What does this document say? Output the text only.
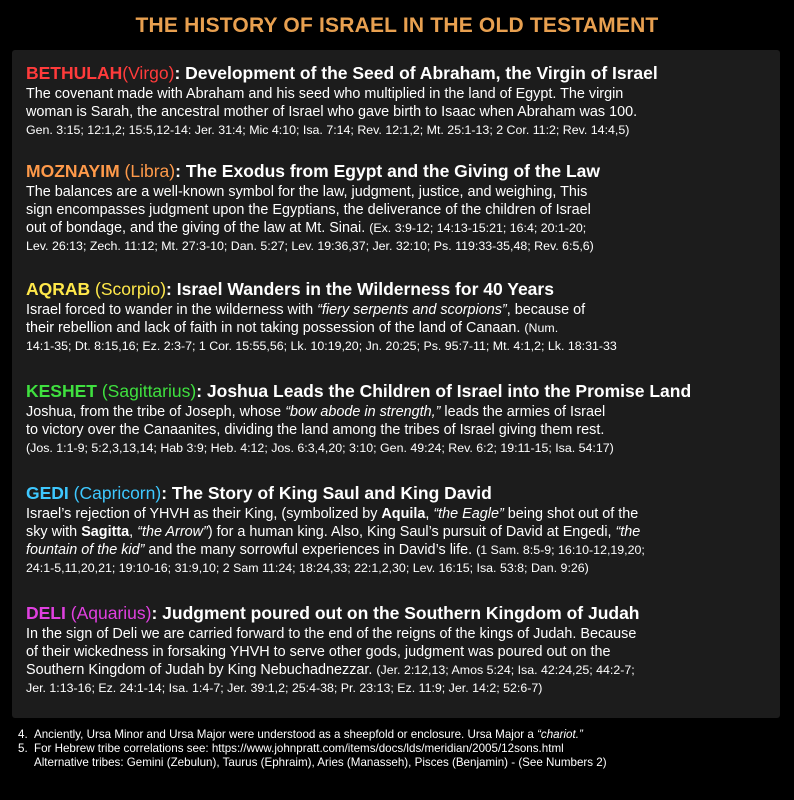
THE HISTORY OF ISRAEL IN THE OLD TESTAMENT
BETHULAH(Virgo): Development of the Seed of Abraham, the Virgin of Israel
The covenant made with Abraham and his seed who multiplied in the land of Egypt. The virgin
woman is Sarah, the ancestral mother of Israel who gave birth to Isaac when Abraham was 100.
Gen. 3:15; 12:1,2; 15:5,12-14: Jer. 31:4; Mic 4:10; Isa. 7:14; Rev. 12:1,2; Mt. 25:1-13; 2 Cor. 11:2; Rev. 14:4,5)
MOZNAYIM (Libra): The Exodus from Egypt and the Giving of the Law
The balances are a well-known symbol for the law, judgment, justice, and weighing, This
sign encompasses judgment upon the Egyptians, the deliverance of the children of Israel
out of bondage, and the giving of the law at Mt. Sinai. (Ex. 3:9-12; 14:13-15:21; 16:4; 20:1-20;
Lev. 26:13; Zech. 11:12; Mt. 27:3-10; Dan. 5:27; Lev. 19:36,37; Jer. 32:10; Ps. 119:33-35,48; Rev. 6:5,6)
AQRAB (Scorpio): Israel Wanders in the Wilderness for 40 Years
Israel forced to wander in the wilderness with “fiery serpents and scorpions”, because of
their rebellion and lack of faith in not taking possession of the land of Canaan. (Num.
14:1-35; Dt. 8:15,16; Ez. 2:3-7; 1 Cor. 15:55,56; Lk. 10:19,20; Jn. 20:25; Ps. 95:7-11; Mt. 4:1,2; Lk. 18:31-33
KESHET (Sagittarius): Joshua Leads the Children of Israel into the Promise Land
Joshua, from the tribe of Joseph, whose “bow abode in strength,” leads the armies of Israel
to victory over the Canaanites, dividing the land among the tribes of Israel giving them rest.
(Jos. 1:1-9; 5:2,3,13,14; Hab 3:9; Heb. 4:12; Jos. 6:3,4,20; 3:10; Gen. 49:24; Rev. 6:2; 19:11-15; Isa. 54:17)
GEDI (Capricorn): The Story of King Saul and King David
Israel’s rejection of YHVH as their King, (symbolized by Aquila, “the Eagle” being shot out of the
sky with Sagitta, “the Arrow”) for a human king. Also, King Saul’s pursuit of David at Engedi, “the
fountain of the kid” and the many sorrowful experiences in David’s life. (1 Sam. 8:5-9; 16:10-12,19,20;
24:1-5,11,20,21; 19:10-16; 31:9,10; 2 Sam 11:24; 18:24,33; 22:1,2,30; Lev. 16:15; Isa. 53:8; Dan. 9:26)
DELI (Aquarius): Judgment poured out on the Southern Kingdom of Judah
In the sign of Deli we are carried forward to the end of the reigns of the kings of Judah. Because
of their wickedness in forsaking YHVH to serve other gods, judgment was poured out on the
Southern Kingdom of Judah by King Nebuchadnezzar. (Jer. 2:12,13; Amos 5:24; Isa. 42:24,25; 44:2-7;
Jer. 1:13-16; Ez. 24:1-14; Isa. 1:4-7; Jer. 39:1,2; 25:4-38; Pr. 23:13; Ez. 11:9; Jer. 14:2; 52:6-7)
4. Anciently, Ursa Minor and Ursa Major were understood as a sheepfold or enclosure. Ursa Major a “chariot.”
5. For Hebrew tribe correlations see: https://www.johnpratt.com/items/docs/lds/meridian/2005/12sons.html
Alternative tribes: Gemini (Zebulun), Taurus (Ephraim), Aries (Manasseh), Pisces (Benjamin) - (See Numbers 2)
